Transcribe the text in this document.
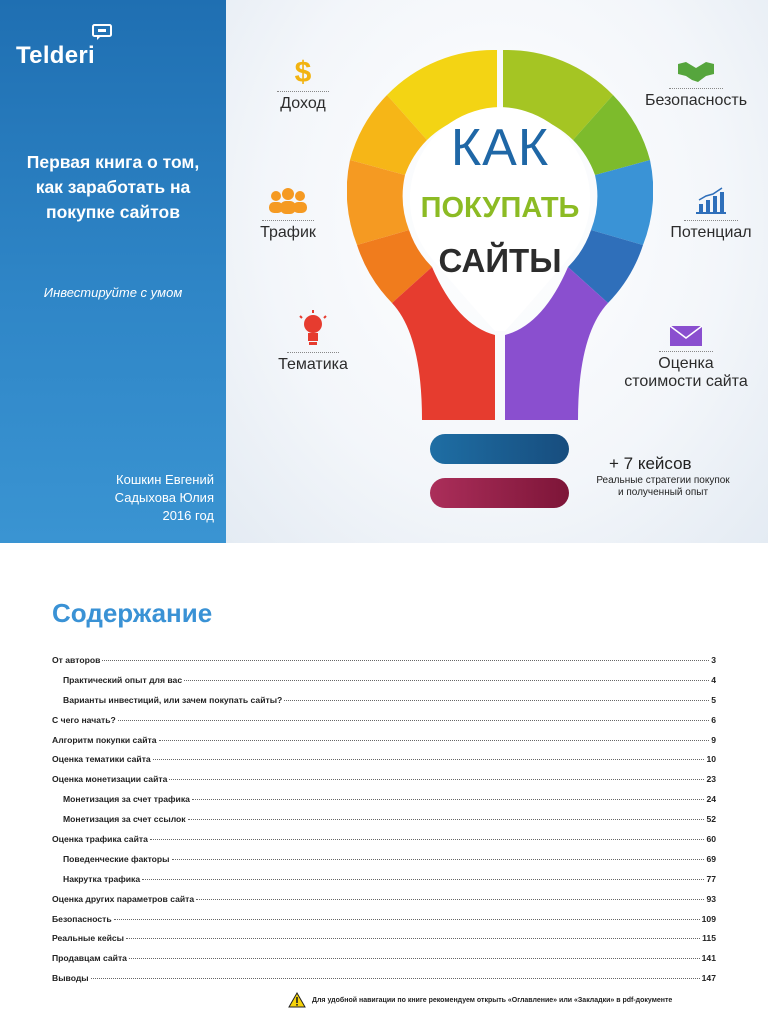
Telderi
Первая книга о том,
как заработать на
покупке сайтов
Инвестируйте с умом
Кошкин Евгений
Садыхова Юлия
2016 год
КАК
ПОКУПАТЬ
САЙТЫ
$
Доход
Трафик
Тематика
Безопасность
Потенциал
Оценка
стоимости сайта
+ 7 кейсов
Реальные стратегии покупок
и полученный опыт
Содержание
От авторов	3
Практический опыт для вас	4
Варианты инвестиций, или зачем покупать сайты?	5
С чего начать?	6
Алгоритм покупки сайта	9
Оценка тематики сайта	10
Оценка монетизации сайта	23
Монетизация за счет трафика	24
Монетизация за счет ссылок	52
Оценка трафика сайта	60
Поведенческие факторы	69
Накрутка трафика	77
Оценка других параметров сайта	93
Безопасность	109
Реальные кейсы	115
Продавцам сайта	141
Выводы	147
Для удобной навигации по книге рекомендуем открыть «Оглавление» или «Закладки» в pdf-документе
